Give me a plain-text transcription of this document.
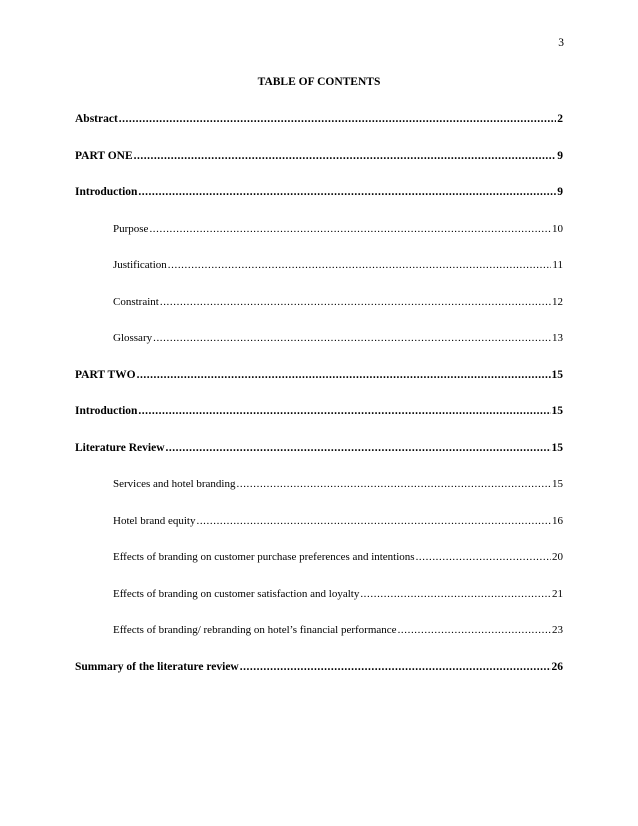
3
TABLE OF CONTENTS
Abstract .....	2
PART ONE .....	9
Introduction .....	9
Purpose .....	10
Justification .....	11
Constraint .....	12
Glossary .....	13
PART TWO .....	15
Introduction .....	15
Literature Review .....	15
Services and hotel branding .....	15
Hotel brand equity .....	16
Effects of branding on customer purchase preferences and intentions .....	20
Effects of branding on customer satisfaction and loyalty .....	21
Effects of branding/ rebranding on hotel’s financial performance .....	23
Summary of the literature review .....	26
